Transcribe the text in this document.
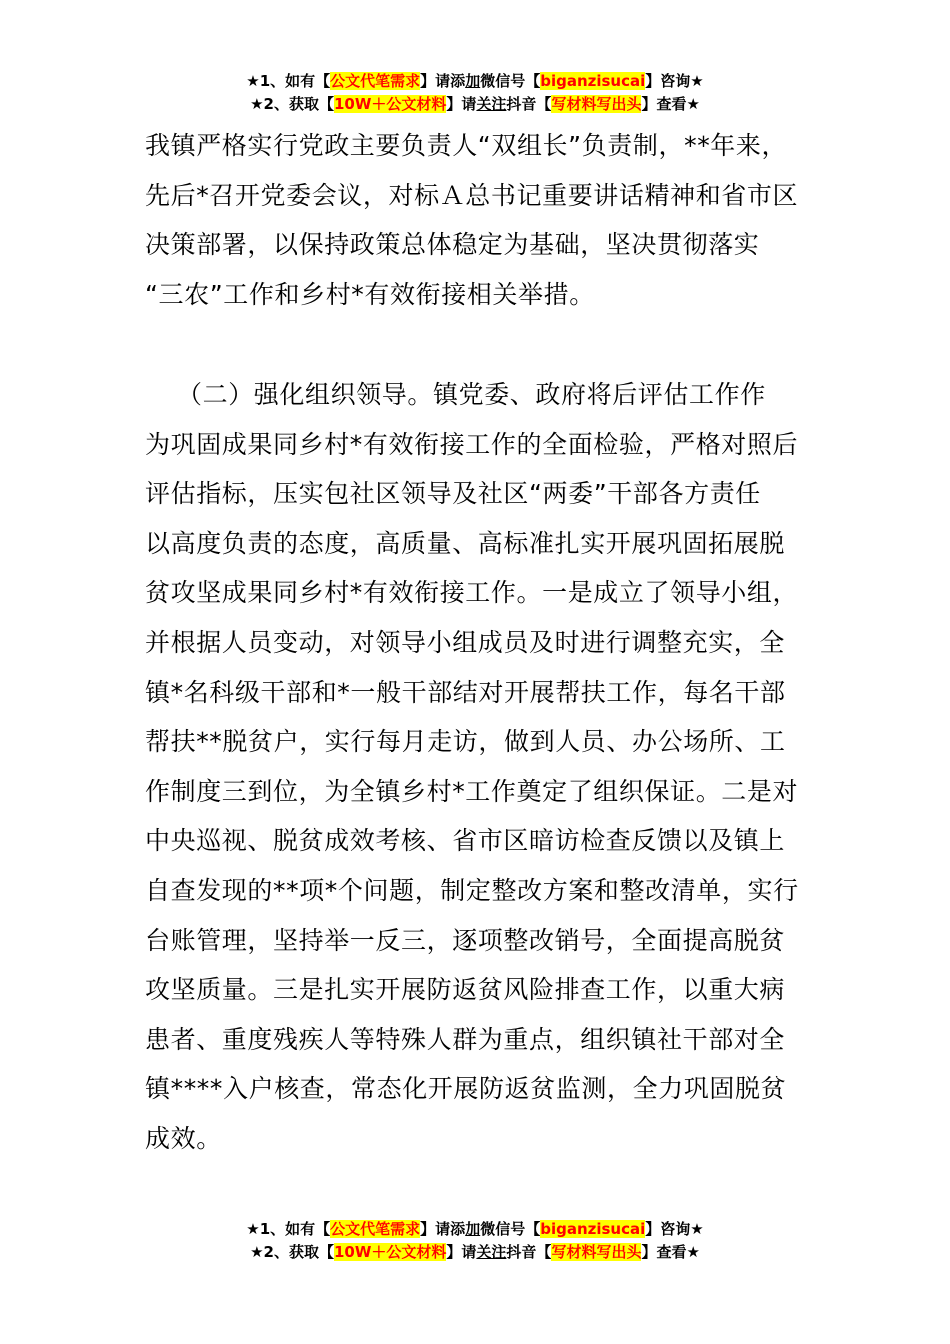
★1、如有【公文代笔需求】请添加微信号【biganzisucai】咨询★
★2、获取【10W＋公文材料】请关注抖音【写材料写出头】查看★
我镇严格实行党政主要负责人“双组长”负责制，**年来，
先后*召开党委会议，对标Ａ总书记重要讲话精神和省市区
决策部署，以保持政策总体稳定为基础，坚决贯彻落实
“三农”工作和乡村*有效衔接相关举措。
（二）强化组织领导。镇党委、政府将后评估工作作
为巩固成果同乡村*有效衔接工作的全面检验，严格对照后
评估指标，压实包社区领导及社区“两委”干部各方责任
以高度负责的态度，高质量、高标准扎实开展巩固拓展脱
贫攻坚成果同乡村*有效衔接工作。一是成立了领导小组，
并根据人员变动，对领导小组成员及时进行调整充实，全
镇*名科级干部和*一般干部结对开展帮扶工作，每名干部
帮扶**脱贫户，实行每月走访，做到人员、办公场所、工
作制度三到位，为全镇乡村*工作奠定了组织保证。二是对
中央巡视、脱贫成效考核、省市区暗访检查反馈以及镇上
自查发现的**项*个问题，制定整改方案和整改清单，实行
台账管理，坚持举一反三，逐项整改销号，全面提高脱贫
攻坚质量。三是扎实开展防返贫风险排查工作，以重大病
患者、重度残疾人等特殊人群为重点，组织镇社干部对全
镇****入户核查，常态化开展防返贫监测，全力巩固脱贫
成效。
★1、如有【公文代笔需求】请添加微信号【biganzisucai】咨询★
★2、获取【10W＋公文材料】请关注抖音【写材料写出头】查看★
